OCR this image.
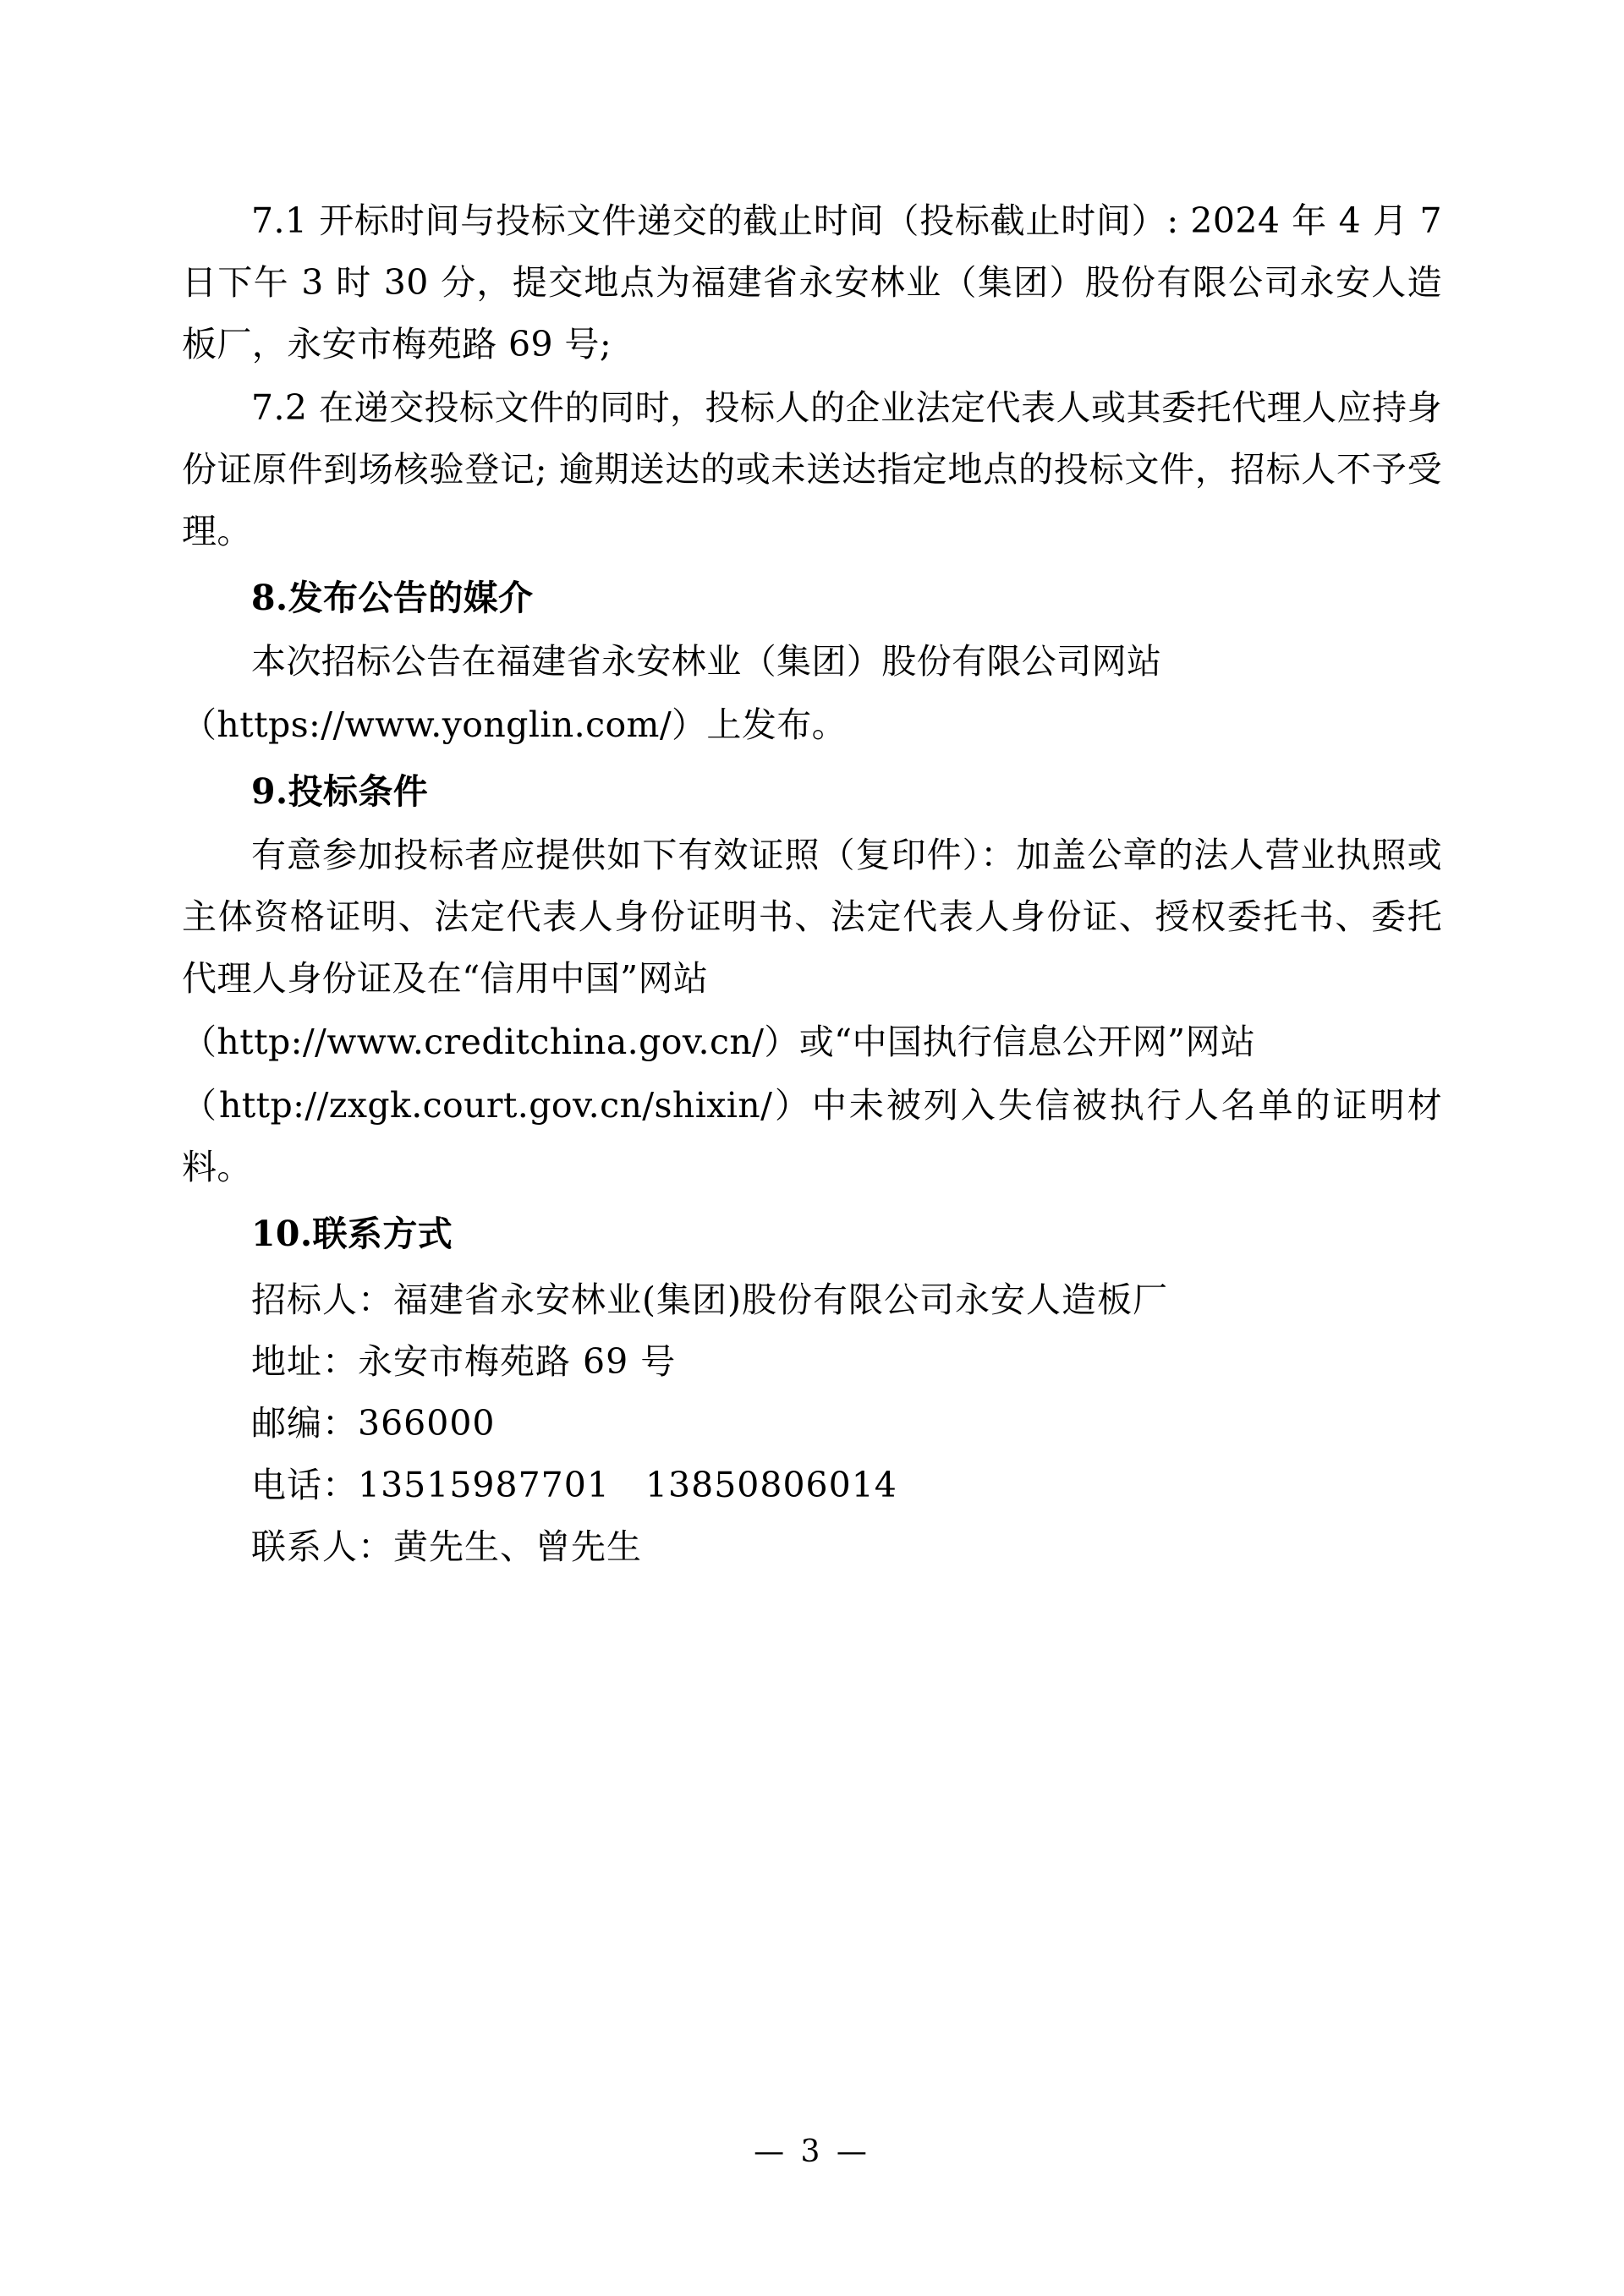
7.1 开标时间与投标文件递交的截止时间（投标截止时间）: 2024 年 4 月 7 日下午 3 时 30 分，提交地点为福建省永安林业（集团）股份有限公司永安人造板厂，永安市梅苑路 69 号;

7.2 在递交投标文件的同时，投标人的企业法定代表人或其委托代理人应持身份证原件到场核验登记; 逾期送达的或未送达指定地点的投标文件，招标人不予受理。

8.发布公告的媒介

本次招标公告在福建省永安林业（集团）股份有限公司网站

（https://www.yonglin.com/）上发布。

9.投标条件

有意参加投标者应提供如下有效证照（复印件）：加盖公章的法人营业执照或主体资格证明、法定代表人身份证明书、法定代表人身份证、授权委托书、委托代理人身份证及在“信用中国”网站

（http://www.creditchina.gov.cn/）或“中国执行信息公开网”网站

（http://zxgk.court.gov.cn/shixin/）中未被列入失信被执行人名单的证明材料。

10.联系方式

招标人：福建省永安林业(集团)股份有限公司永安人造板厂

地址：永安市梅苑路 69 号

邮编：366000

电话：13515987701　13850806014

联系人：黄先生、曾先生

— 3 —
